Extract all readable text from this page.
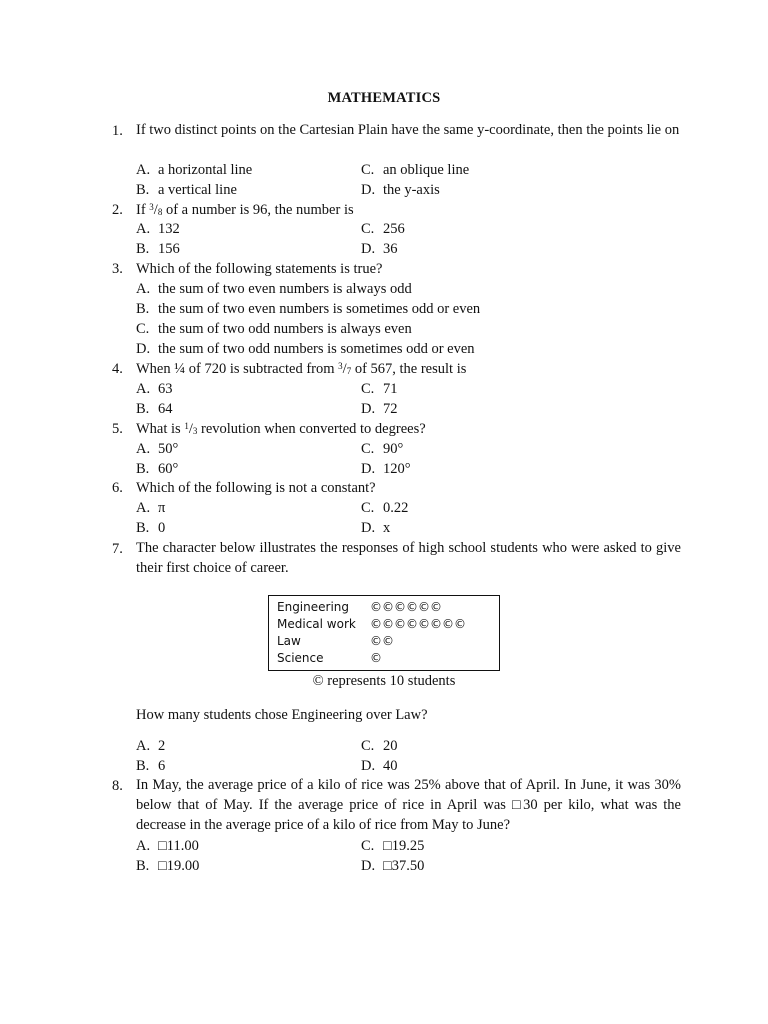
MATHEMATICS
1. If two distinct points on the Cartesian Plain have the same y-coordinate, then the points lie on
A. a horizontal line	C. an oblique line
B. a vertical line	D. the y-axis
2. If $^3/_8$ of a number is 96, the number is
A. 132	C. 256
B. 156	D. 36
3. Which of the following statements is true?
A. the sum of two even numbers is always odd
B. the sum of two even numbers is sometimes odd or even
C. the sum of two odd numbers is always even
D. the sum of two odd numbers is sometimes odd or even
4. When ¼ of 720 is subtracted from $^3/_7$ of 567, the result is
A. 63	C. 71
B. 64	D. 72
5. What is $^1/_3$ revolution when converted to degrees?
A. 50°	C. 90°
B. 60°	D. 120°
6. Which of the following is not a constant?
A. π	C. 0.22
B. 0	D. x
7. The character below illustrates the responses of high school students who were asked to give their first choice of career.
Engineering ©©©©©©
Medical work ©©©©©©©©
Law	©©
Science	©
© represents 10 students
How many students chose Engineering over Law?
A. 2	C. 20
B. 6	D. 40
8. In May, the average price of a kilo of rice was 25% above that of April. In June, it was 30% below that of May. If the average price of rice in April was □30 per kilo, what was the decrease in the average price of a kilo of rice from May to June?
A. □11.00	C. □19.25
B. □19.00	D. □37.50
